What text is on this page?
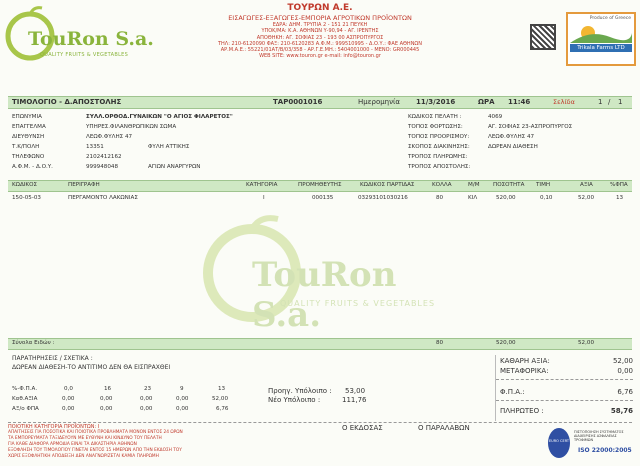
TouRon S.a.
QUALITY FRUITS & VEGETABLES
ΤΟΥΡΩΝ Α.Ε.
ΕΙΣΑΓΩΓΕΣ-ΕΞΑΓΩΓΕΣ-ΕΜΠΟΡΙΑ ΑΓΡΟΤΙΚΩΝ ΠΡΟΪΟΝΤΩΝ
ΕΔΡΑ: ΔΗΜ. ΤΡΥΠΙΑ 2 - 151 21 ΠΕΥΚΗ
ΥΠΟΚ/ΜΑ: Κ.Α. ΑΘΗΝΩΝ Υ-90,94 - ΑΓ. ΙΡΕΝΤΗΣ
ΑΠΟΘΗΚΗ: ΑΓ. ΣΟΦΙΑΣ 23 - 193 00 ΑΣΠΡΟΠΥΡΓΟΣ
ΤΗΛ: 210-6120090 ΦΑΞ: 210-6120283 Α.Φ.Μ.: 999510995 - Δ.Ο.Υ.: ΦΑΕ ΑΘΗΝΩΝ
ΑΡ.Μ.Α.Ε.: 55221/01ΑΤ/Β/03/358 - ΑΡ.Γ.Ε.ΜΗ.: 5404001000 - ΜΕΝΟ: GR000445
WEB SITE: www.touron.gr e-mail: info@touron.gr
Produce of Greece
Trikala Farms LTD
ΤΙΜΟΛΟΓΙΟ - Δ.ΑΠΟΣΤΟΛΗΣ	ΤΑΡ0001016	Ημερομηνία 11/3/2016	ΩΡΑ 11:46	Σελίδα	1 / 1
ΕΠΩΝΥΜΙΑ	ΣΥΛΛ.ΟΡΘΟΔ.ΓΥΝΑΙΚΩΝ "Ο ΑΓΙΟΣ ΦΙΛΑΡΕΤΟΣ"
ΕΠΑΓΓΕΛΜΑ	ΥΠΗΡΕΣ.ΦΙΛΑΝΘΡΩΠΙΚΩΝ ΣΩΜΑ
ΔΙΕΥΘΥΝΣΗ	ΛΕΩΦ.ΦΥΛΗΣ 47
Τ.Κ/ΠΟΛΗ	13351	ΦΥΛΗ ΑΤΤΙΚΗΣ
ΤΗΛΕΦΩΝΟ	2102412162
Α.Φ.Μ. - Δ.Ο.Υ.	999948048	ΑΓΙΩΝ ΑΝΑΡΓΥΡΩΝ
ΚΩΔΙΚΟΣ ΠΕΛΑΤΗ :	4069
ΤΟΠΟΣ ΦΟΡΤΩΣΗΣ:	ΑΓ. ΣΟΦΙΑΣ 23-ΑΣΠΡΟΠΥΡΓΟΣ
ΤΟΠΟΣ ΠΡΟΟΡΙΣΜΟΥ:	ΛΕΩΦ.ΦΥΛΗΣ 47
ΣΚΟΠΟΣ ΔΙΑΚΙΝΗΣΗΣ:	ΔΩΡΕΑΝ ΔΙΑΘΕΣΗ
ΤΡΟΠΟΣ ΠΛΗΡΩΜΗΣ:
ΤΡΟΠΟΣ ΑΠΟΣΤΟΛΗΣ:
ΚΩΔΙΚΟΣ	ΠΕΡΙΓΡΑΦΗ	ΚΑΤΗΓΟΡΙΑ	ΠΡΟΜΗΘΕΥΤΗΣ	ΚΩΔΙΚΟΣ ΠΑΡΤΙΔΑΣ	ΚΟΛΛΑ	Μ/Μ ΠΟΣΟΤΗΤΑ ΤΙΜΗ	ΑΞΙΑ	%ΦΠΑ
150-05-03	ΠΕΡΓΑΜΟΝΤΟ ΛΑΚΩΝΙΑΣ	I	000135	03293101030216	80	ΚΙΛ	520,00	0,10	52,00	13
TouRon S.a.
QUALITY FRUITS & VEGETABLES
Σύνολα Ειδών :	80	520,00	52,00
ΠΑΡΑΤΗΡΗΣΕΙΣ / ΣΧΕΤΙΚΑ :
ΔΩΡΕΑΝ ΔΙΑΘΕΣΗ-ΤΟ ΑΝΤΙΤΙΜΟ ΔΕΝ ΘΑ ΕΙΣΠΡΑΧΘΕΙ
%-Φ.Π.Α.	0,0	16	23	9	13
Καθ.ΑΞΙΑ	0,00	0,00	0,00	0,00	52,00
ΑΞ/ο ΦΠΑ	0,00	0,00	0,00	0,00	6,76
Προηγ. Υπόλοιπο : 53,00
Νέο Υπόλοιπο :	111,76
ΚΑΘΑΡΗ ΑΞΙΑ:	52,00
ΜΕΤΑΦΟΡΙΚΑ:	0,00
Φ.Π.Α.:	6,76
ΠΛΗΡΩΤΕΟ :	58,76
Ο ΕΚΔΟΣΑΣ	Ο ΠΑΡΑΛΑΒΩΝ
ΠΟΙΟΤΙΚΗ ΚΑΤΗΓΟΡΙΑ ΠΡΟΪΟΝΤΩΝ: I
ΑΠΑΙΤΗΣΕΙΣ ΓΙΑ ΠΟΣΟΤΙΚΑ ΚΑΙ ΠΟΙΟΤΙΚΑ ΠΡΟΒΛΗΜΑΤΑ ΜΟΝΟΝ ΕΝΤΟΣ 24 ΩΡΩΝ
ΤΑ ΕΜΠΟΡΕΥΜΑΤΑ ΤΑΞΙΔΕΥΟΥΝ ΜΕ ΕΥΘΥΝΗ ΚΑΙ ΚΙΝΔΥΝΟ ΤΟΥ ΠΕΛΑΤΗ
ΓΙΑ ΚΑΘΕ ΔΙΑΦΟΡΑ ΑΡΜΟΔΙΑ ΕΙΝΑΙ ΤΑ ΔΙΚΑΣΤΗΡΙΑ ΑΘΗΝΩΝ
ΕΞΟΦΛΗΣΗ ΤΟΥ ΤΙΜΟΛΟΓΙΟΥ ΓΙΝΕΤΑΙ ΕΝΤΟΣ 15 ΗΜΕΡΩΝ ΑΠΟ ΤΗΝ ΕΚΔΟΣΗ ΤΟΥ
ΧΩΡΙΣ ΕΞΟΦΛΗΤΙΚΗ ΑΠΟΔΕΙΞΗ ΔΕΝ ΑΝΑΓΝΩΡΙΖΕΤΑΙ ΚΑΜΙΑ ΠΛΗΡΩΜΗ
EURO CERT
ΠΙΣΤΟΠΟΙΗΣΗ ΣΥΣΤΗΜΑΤΟΣ ΔΙΑΧΕΙΡΙΣΗΣ ΑΣΦΑΛΕΙΑΣ ΤΡΟΦΙΜΩΝ
ISO 22000:2005
